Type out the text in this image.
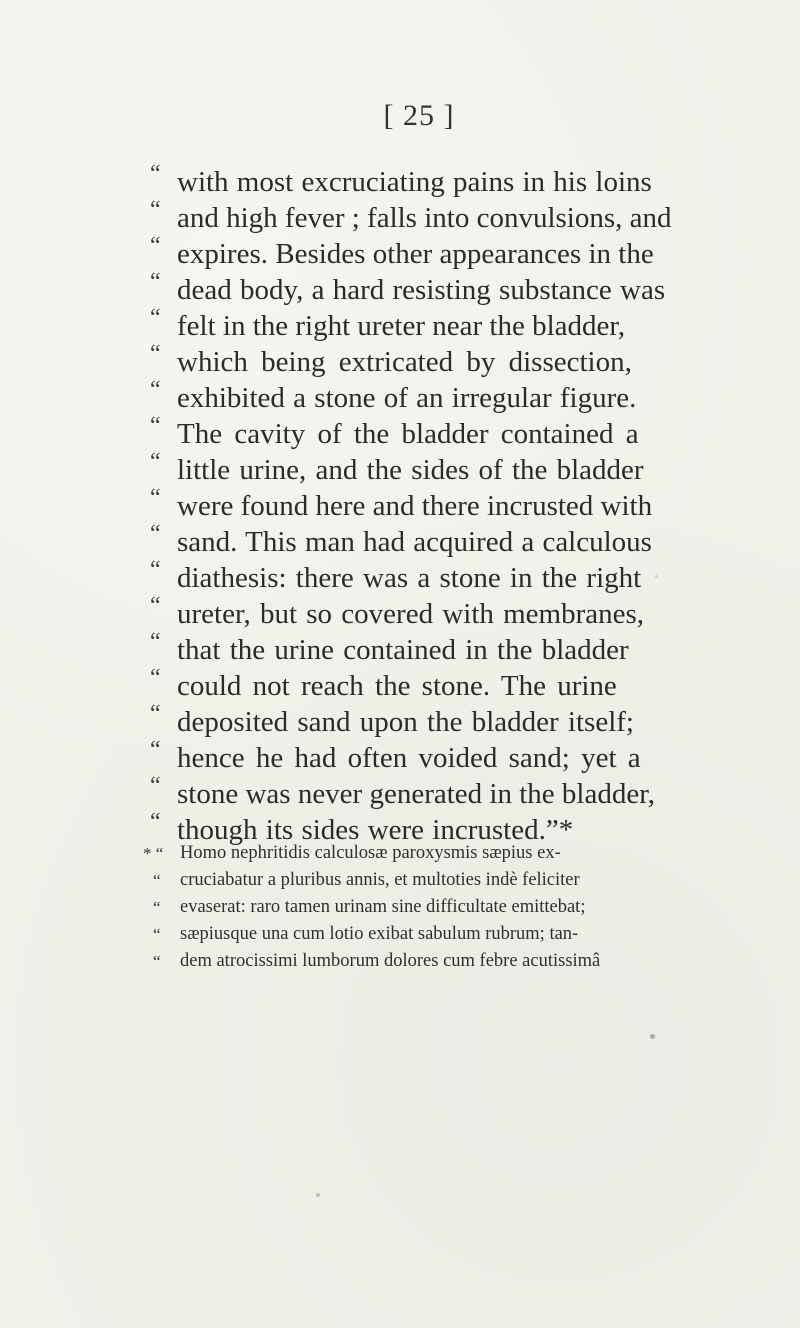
[ 25 ]
“ with most excruciating pains in his loins
“ and high fever ; falls into convulsions, and
“ expires. Besides other appearances in the
“ dead body, a hard resisting substance was
“ felt in the right ureter near the bladder,
“ which being extricated by dissection,
“ exhibited a stone of an irregular figure.
“ The cavity of the bladder contained a
“ little urine, and the sides of the bladder
“ were found here and there incrusted with
“ sand. This man had acquired a calculous
“ diathesis: there was a stone in the right
“ ureter, but so covered with membranes,
“ that the urine contained in the bladder
“ could not reach the stone. The urine
“ deposited sand upon the bladder itself;
“ hence he had often voided sand; yet a
“ stone was never generated in the bladder,
“ though its sides were incrusted.”*
* “ Homo nephritidis calculosæ paroxysmis sæpius ex-
“	cruciabatur a pluribus annis, et multoties indè feliciter
“	evaserat: raro tamen urinam sine difficultate emittebat;
“	sæpiusque una cum lotio exibat sabulum rubrum; tan-
“	dem atrocissimi lumborum dolores cum febre acutissimâ
